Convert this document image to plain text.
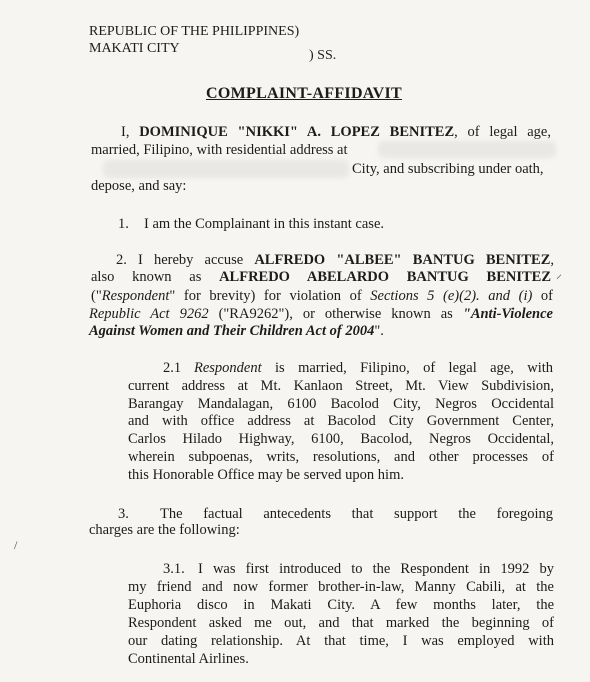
REPUBLIC OF THE PHILIPPINES)
MAKATI CITY	) SS.
COMPLAINT-AFFIDAVIT
I, DOMINIQUE "NIKKI" A. LOPEZ BENITEZ, of legal age,
married, Filipino, with residential address at
City, and subscribing under oath,
depose, and say:
1. I am the Complainant in this instant case.
2. I hereby accuse ALFREDO "ALBEE" BANTUG BENITEZ,
also known as ALFREDO ABELARDO BANTUG BENITEZ ⸝
("Respondent" for brevity) for violation of Sections 5 (e)(2). and (i) of
Republic Act 9262 ("RA9262"), or otherwise known as "Anti-Violence
Against Women and Their Children Act of 2004".
2.1 Respondent is married, Filipino, of legal age, with
current address at Mt. Kanlaon Street, Mt. View Subdivision,
Barangay Mandalagan, 6100 Bacolod City, Negros Occidental
and with office address at Bacolod City Government Center,
Carlos Hilado Highway, 6100, Bacolod, Negros Occidental,
wherein subpoenas, writs, resolutions, and other processes of
this Honorable Office may be served upon him.
3. The factual antecedents that support the foregoing
charges are the following:
/
3.1. I was first introduced to the Respondent in 1992 by
my friend and now former brother-in-law, Manny Cabili, at the
Euphoria disco in Makati City. A few months later, the
Respondent asked me out, and that marked the beginning of
our dating relationship. At that time, I was employed with
Continental Airlines.
